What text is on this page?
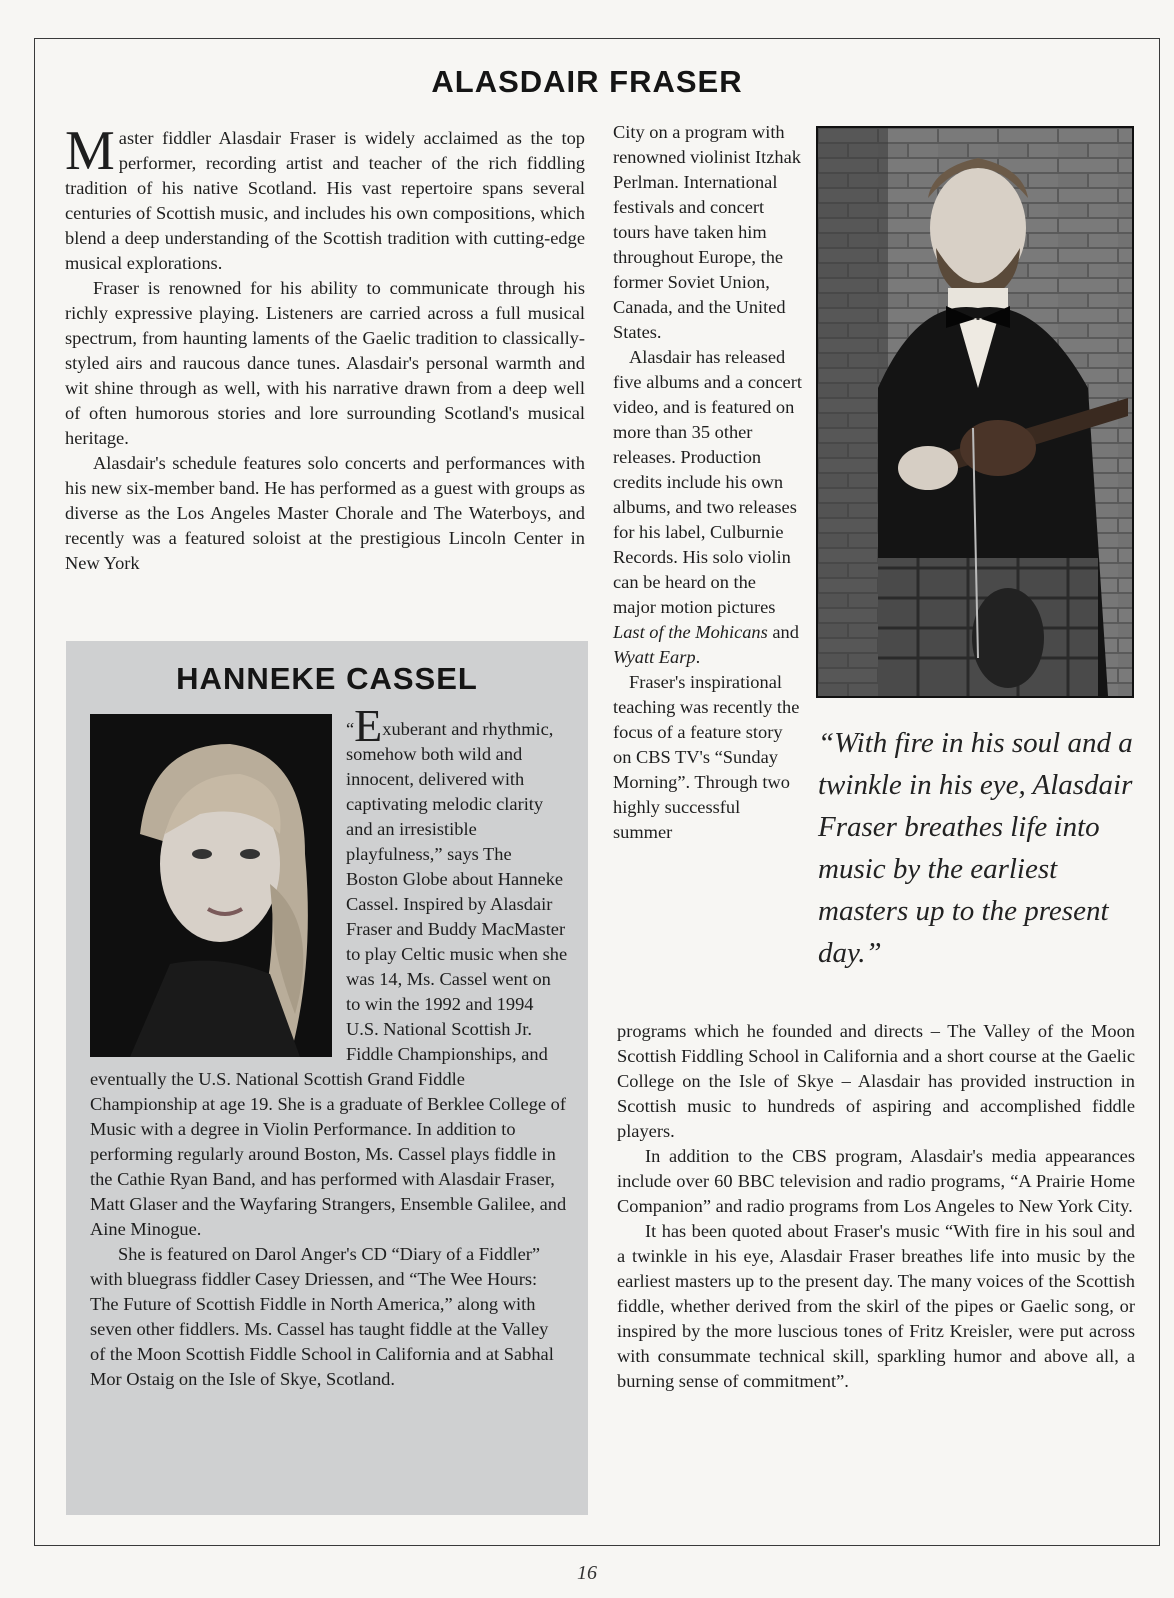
ALASDAIR FRASER

Master fiddler Alasdair Fraser is widely acclaimed as the top performer, recording artist and teacher of the rich fiddling tradition of his native Scotland. His vast repertoire spans several centuries of Scottish music, and includes his own compositions, which blend a deep understanding of the Scottish tradition with cutting-edge musical explorations.

Fraser is renowned for his ability to communicate through his richly expressive playing. Listeners are carried across a full musical spectrum, from haunting laments of the Gaelic tradition to classically-styled airs and raucous dance tunes. Alasdair's personal warmth and wit shine through as well, with his narrative drawn from a deep well of often humorous stories and lore surrounding Scotland's musical heritage.

Alasdair's schedule features solo concerts and performances with his new six-member band. He has performed as a guest with groups as diverse as the Los Angeles Master Chorale and The Waterboys, and recently was a featured soloist at the prestigious Lincoln Center in New York

City on a program with renowned violinist Itzhak Perlman. International festivals and concert tours have taken him throughout Europe, the former Soviet Union, Canada, and the United States.

Alasdair has released five albums and a concert video, and is featured on more than 35 other releases. Production credits include his own albums, and two releases for his label, Culburnie Records. His solo violin can be heard on the major motion pictures Last of the Mohicans and Wyatt Earp.

Fraser's inspirational teaching was recently the focus of a feature story on CBS TV's “Sunday Morning”. Through two highly successful summer

“With fire in his soul and a twinkle in his eye, Alasdair Fraser breathes life into music by the earliest masters up to the present day.”
HANNEKE CASSEL

“Exuberant and rhythmic, somehow both wild and innocent, delivered with captivating melodic clarity and an irresistible playfulness,” says The Boston Globe about Hanneke Cassel. Inspired by Alasdair Fraser and Buddy MacMaster to play Celtic music when she was 14, Ms. Cassel went on to win the 1992 and 1994 U.S. National Scottish Jr. Fiddle Championships, and eventually the U.S. National Scottish Grand Fiddle Championship at age 19. She is a graduate of Berklee College of Music with a degree in Violin Performance. In addition to performing regularly around Boston, Ms. Cassel plays fiddle in the Cathie Ryan Band, and has performed with Alasdair Fraser, Matt Glaser and the Wayfaring Strangers, Ensemble Galilee, and Aine Minogue.

She is featured on Darol Anger's CD “Diary of a Fiddler” with bluegrass fiddler Casey Driessen, and “The Wee Hours: The Future of Scottish Fiddle in North America,” along with seven other fiddlers. Ms. Cassel has taught fiddle at the Valley of the Moon Scottish Fiddle School in California and at Sabhal Mor Ostaig on the Isle of Skye, Scotland.

programs which he founded and directs – The Valley of the Moon Scottish Fiddling School in California and a short course at the Gaelic College on the Isle of Skye – Alasdair has provided instruction in Scottish music to hundreds of aspiring and accomplished fiddle players.

In addition to the CBS program, Alasdair's media appearances include over 60 BBC television and radio programs, “A Prairie Home Companion” and radio programs from Los Angeles to New York City.

It has been quoted about Fraser's music “With fire in his soul and a twinkle in his eye, Alasdair Fraser breathes life into music by the earliest masters up to the present day. The many voices of the Scottish fiddle, whether derived from the skirl of the pipes or Gaelic song, or inspired by the more luscious tones of Fritz Kreisler, were put across with consummate technical skill, sparkling humor and above all, a burning sense of commitment”.

16
